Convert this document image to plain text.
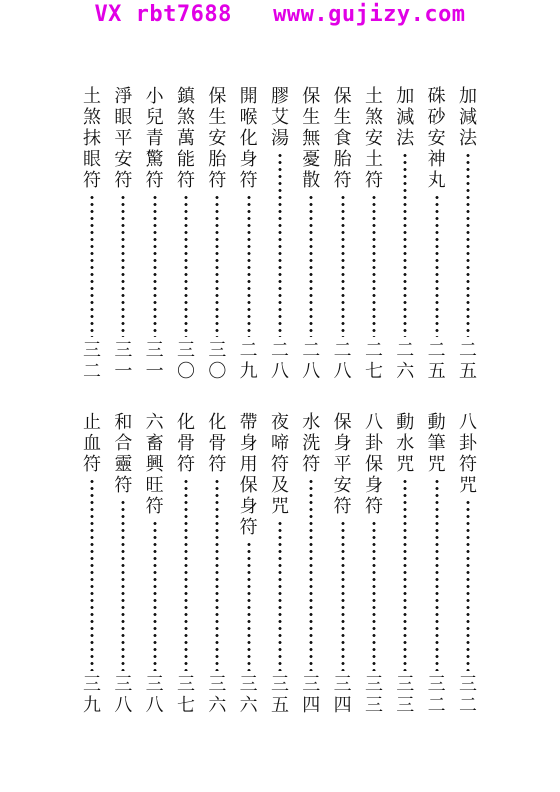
VX rbt7688   www.gujizy.com
加
減
法
二
五
硃
砂
安
神
丸
二
五
加
減
法
二
六
土
煞
安
土
符
二
七
保
生
食
胎
符
二
八
保
生
無
憂
散
二
八
膠
艾
湯
二
八
開
喉
化
身
符
二
九
保
生
安
胎
符
三
〇
鎮
煞
萬
能
符
三
〇
小
兒
青
驚
符
三
一
淨
眼
平
安
符
三
一
土
煞
抹
眼
符
三
二
八
卦
符
咒
三
二
動
筆
咒
三
二
動
水
咒
三
三
八
卦
保
身
符
三
三
保
身
平
安
符
三
四
水
洗
符
三
四
夜
啼
符
及
咒
三
五
帶
身
用
保
身
符
三
六
化
骨
符
三
六
化
骨
符
三
七
六
畜
興
旺
符
三
八
和
合
靈
符
三
八
止
血
符
三
九
